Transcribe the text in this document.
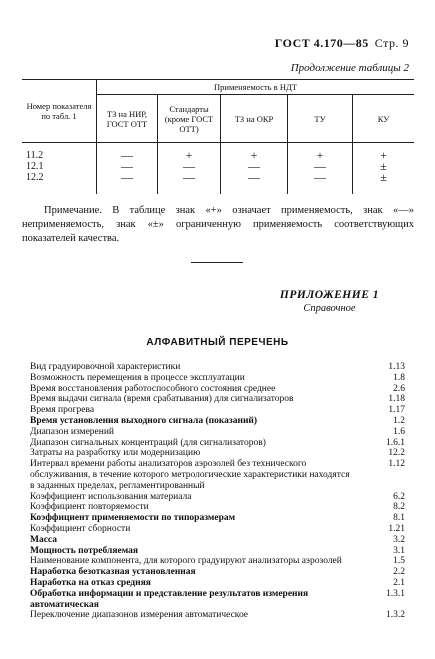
ГОСТ 4.170—85 Стр. 9
Продолжение таблицы 2
Номер показателя по табл. 1	Применяемость в НДТ				
	ТЗ на НИР, ГОСТ ОТТ	Стандарты (кроме ГОСТ ОТТ)	ТЗ на ОКР	ТУ	КУ
11.2	—	+	+	+	+
12.1	—	—	—	—	±
12.2	—	—	—	—	±

Примечание. В таблице знак «+» означает применяемость, знак «—» неприменяемость, знак «±» ограниченную применяемость соответствующих показателей качества.

ПРИЛОЖЕНИЕ 1
Справочное
АЛФАВИТНЫЙ ПЕРЕЧЕНЬ
Вид градуировочной характеристики	1.13
Возможность перемещения в процессе эксплуатации	1.8
Время восстановления работоспособного состояния среднее	2.6
Время выдачи сигнала (время срабатывания) для сигнализаторов	1.18
Время прогрева	1.17
Время установления выходного сигнала (показаний)	1.2
Диапазон измерений	1.6
Диапазон сигнальных концентраций (для сигнализаторов)	1.6.1
Затраты на разработку или модернизацию	12.2
Интервал времени работы анализаторов аэрозолей без технического обслуживания, в течение которого метрологические характеристики находятся в заданных пределах, регламентированный
1.12
Коэффициент использования материала	6.2
Коэффициент повторяемости	8.2
Коэффициент применяемости по типоразмерам	8.1
Коэффициент сборности	1.21
Масса	3.2
Мощность потребляемая	3.1
Наименование компонента, для которого градуируют анализаторы аэрозолей	1.5
Наработка безотказная установленная	2.2
Наработка на отказ средняя	2.1
Обработка информации и представление результатов измерения автоматическая
1.3.1
Переключение диапазонов измерения автоматическое	1.3.2
